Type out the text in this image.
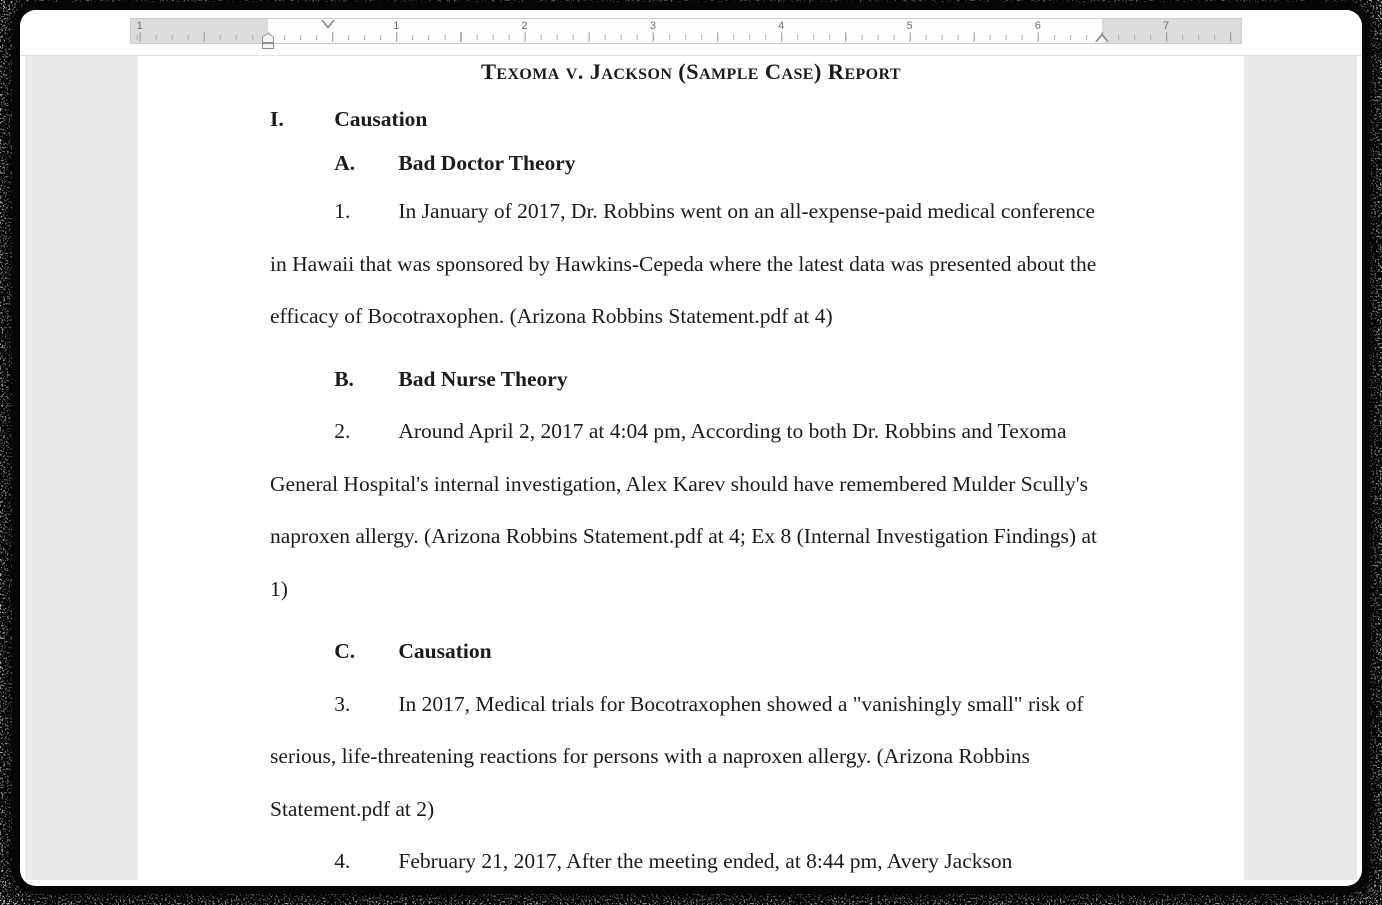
1	1	2	3	4	5	6	7

Texoma v. Jackson (Sample Case) Report

I. Causation

A. Bad Doctor Theory

1. In January of 2017, Dr. Robbins went on an all-expense-paid medical conference in Hawaii that was sponsored by Hawkins-Cepeda where the latest data was presented about the efficacy of Bocotraxophen. (Arizona Robbins Statement.pdf at 4)

B. Bad Nurse Theory

2. Around April 2, 2017 at 4:04 pm, According to both Dr. Robbins and Texoma General Hospital's internal investigation, Alex Karev should have remembered Mulder Scully's naproxen allergy. (Arizona Robbins Statement.pdf at 4; Ex 8 (Internal Investigation Findings) at 1)

C. Causation

3. In 2017, Medical trials for Bocotraxophen showed a "vanishingly small" risk of serious, life-threatening reactions for persons with a naproxen allergy. (Arizona Robbins Statement.pdf at 2)

4. February 21, 2017, After the meeting ended, at 8:44 pm, Avery Jackson
